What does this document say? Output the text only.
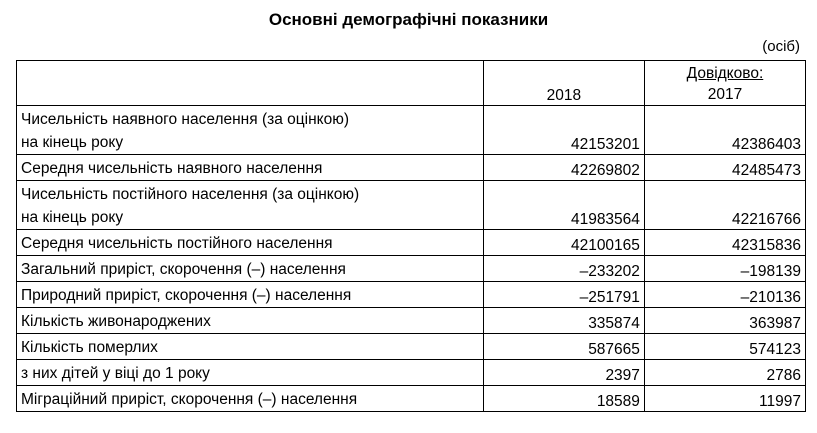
Основні демографічні показники
(осіб)
	2018	Довідково:
2017

Чисельність наявного населення (за оцінкою)
на кінець року	42153201	42386403
Середня чисельність наявного населення	42269802	42485473

Чисельність постійного населення (за оцінкою)
на кінець року	41983564	42216766
Середня чисельність постійного населення	42100165	42315836
Загальний приріст, скорочення (–) населення	–233202	–198139
Природний приріст, скорочення (–) населення	–251791	–210136
Кількість живонароджених	335874	363987
Кількість померлих	587665	574123
з них дітей у віці до 1 року	2397	2786
Міграційний приріст, скорочення (–) населення	18589	11997
